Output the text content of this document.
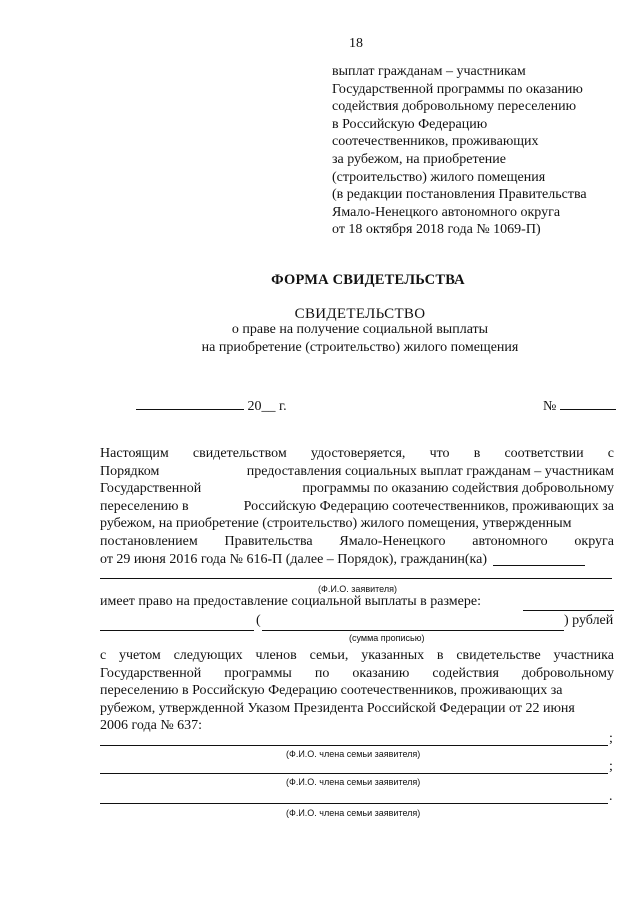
18
выплат гражданам – участникам
Государственной программы по оказанию
содействия добровольному переселению
в Российскую Федерацию
соотечественников, проживающих
за рубежом, на приобретение
(строительство) жилого помещения
(в редакции постановления Правительства
Ямало-Ненецкого автономного округа
от 18 октября 2018 года № 1069-П)
ФОРМА СВИДЕТЕЛЬСТВА
СВИДЕТЕЛЬСТВО
о праве на получение социальной выплаты
на приобретение (строительство) жилого помещения
20__ г.	№
Настоящим свидетельством удостоверяется, что в соответствии с
Порядком	предоставления социальных выплат гражданам – участникам
Государственной	программы по оказанию содействия добровольному
переселению в	Российскую Федерацию соотечественников, проживающих за
рубежом, на приобретение (строительство) жилого помещения, утвержденным
постановлением Правительства Ямало-Ненецкого автономного округа
от 29 июня 2016 года № 616-П (далее – Порядок), гражданин(ка)
(Ф.И.О. заявителя)
имеет право на предоставление социальной выплаты в размере:
(	) рублей
(сумма прописью)
с учетом следующих членов семьи, указанных в свидетельстве участника
Государственной программы по оказанию содействия добровольному
переселению в Российскую Федерацию соотечественников, проживающих за
рубежом, утвержденной Указом Президента Российской Федерации от 22 июня
2006 года № 637:
;
(Ф.И.О. члена семьи заявителя)
;
(Ф.И.О. члена семьи заявителя)
.
(Ф.И.О. члена семьи заявителя)
